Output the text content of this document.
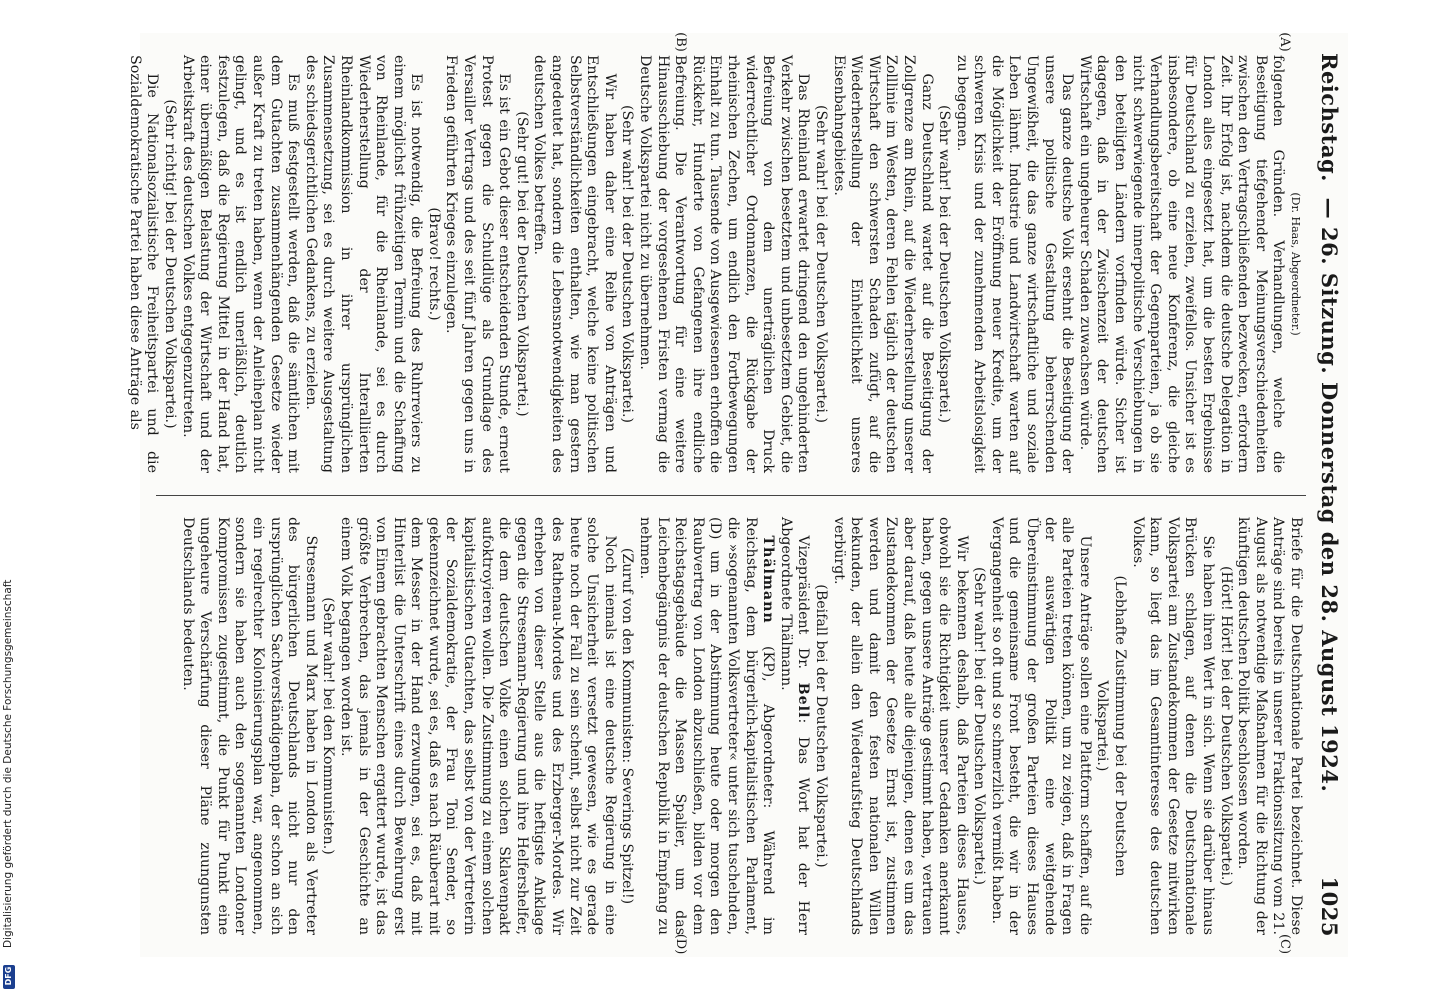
Reichstag.
— 26. Sitzung. Donnerstag den 28. August 1924.
1025
(A)
(B)
(C)
(D)

(Dr. Haas, Abgeordneter.)

folgenden Gründen. Verhandlungen, welche die Beseitigung tiefgehender Meinungsverschiedenheiten zwischen den Vertragschließenden bezwecken, erfordern Zeit. Ihr Erfolg ist, nachdem die deutsche Delegation in London alles eingesetzt hat, um die besten Ergebnisse für Deutschland zu erzielen, zweifellos. Unsicher ist es insbesondere, ob eine neue Konferenz, die gleiche Verhandlungsbereitschaft der Gegenparteien, ja ob sie nicht schwerwiegende innerpolitische Verschiebungen in den beteiligten Ländern vorfinden würde. Sicher ist dagegen, daß in der Zwischenzeit der deutschen Wirtschaft ein ungeheurer Schaden zuwachsen würde.

Das ganze deutsche Volk ersehnt die Beseitigung der unsere politische Gestaltung beherrschenden Ungewißheit, die das ganze wirtschaftliche und soziale Leben lähmt. Industrie und Landwirtschaft warten auf die Möglichkeit der Eröffnung neuer Kredite, um der schweren Krisis und der zunehmenden Arbeitslosigkeit zu begegnen.

(Sehr wahr! bei der Deutschen Volkspartei.)

Ganz Deutschland wartet auf die Beseitigung der Zollgrenze am Rhein, auf die Wiederherstellung unserer Zolllinie im Westen, deren Fehlen täglich der deutschen Wirtschaft den schwersten Schaden zufügt, auf die Wiederherstellung der Einheitlichkeit unseres Eisenbahngebietes.

(Sehr wahr! bei der Deutschen Volkspartei.)

Das Rheinland erwartet dringend den ungehinderten Verkehr zwischen besetztem und unbesetztem Gebiet, die Befreiung von dem unerträglichen Druck widerrechtlicher Ordonnanzen, die Rückgabe der rheinischen Zechen, um endlich den Fortbewegungen Einhalt zu tun. Tausende von Ausgewiesenen erhoffen die Rückkehr, Hunderte von Gefangenen ihre endliche Befreiung. Die Verantwortung für eine weitere Hinausschiebung der vorgesehenen Fristen vermag die Deutsche Volkspartei nicht zu übernehmen.

(Sehr wahr! bei der Deutschen Volkspartei.)

Wir haben daher eine Reihe von Anträgen und Entschließungen eingebracht, welche keine politischen Selbstverständlichkeiten enthalten, wie man gestern angedeutet hat, sondern die Lebensnotwendigkeiten des deutschen Volkes betreffen.

(Sehr gut! bei der Deutschen Volkspartei.)

Es ist ein Gebot dieser entscheidenden Stunde, erneut Protest gegen die Schuldlüge als Grundlage des Versailler Vertrags und des seit fünf Jahren gegen uns in Frieden geführten Krieges einzulegen.

(Bravo! rechts.)

Es ist notwendig, die Befreiung des Ruhrreviers zu einem möglichst frühzeitigen Termin und die Schaffung von Rheinlande, für die Rheinlande, sei es durch Wiederherstellung der Interalliierten Rheinlandkommission in ihrer ursprünglichen Zusammensetzung, sei es durch weitere Ausgestaltung des schiedsgerichtlichen Gedankens, zu erzielen.

Es muß festgestellt werden, daß die sämtlichen mit dem Gutachten zusammenhängenden Gesetze wieder außer Kraft zu treten haben, wenn der Anleiheplan nicht gelingt, und es ist endlich unerläßlich, deutlich festzulegen, daß die Regierung Mittel in der Hand hat, einer übermäßigen Belastung der Wirtschaft und der Arbeitskraft des deutschen Volkes entgegenzutreten.

(Sehr richtig! bei der Deutschen Volkspartei.)

Die Nationalsozialistische Freiheitspartei und die Sozialdemokratische Partei haben diese Anträge als

Briefe für die Deutschnationale Partei bezeichnet. Diese Anträge sind bereits in unserer Fraktionssitzung vom 21. August als notwendige Maßnahmen für die Richtung der künftigen deutschen Politik beschlossen worden.

(Hört! Hört! bei der Deutschen Volkspartei.)

Sie haben ihren Wert in sich. Wenn sie darüber hinaus Brücken schlagen, auf denen die Deutschnationale Volkspartei am Zustandekommen der Gesetze mitwirken kann, so liegt das im Gesamtinteresse des deutschen Volkes.

(Lebhafte Zustimmung bei der Deutschen

Volkspartei.)

Unsere Anträge sollen eine Plattform schaffen, auf die alle Parteien treten können, um zu zeigen, daß in Fragen der auswärtigen Politik eine weitgehende Übereinstimmung der großen Parteien dieses Hauses und die gemeinsame Front besteht, die wir in der Vergangenheit so oft und so schmerzlich vermißt haben.

(Sehr wahr! bei der Deutschen Volkspartei.)

Wir bekennen deshalb, daß Parteien dieses Hauses, obwohl sie die Richtigkeit unserer Gedanken anerkannt haben, gegen unsere Anträge gestimmt haben, vertrauen aber darauf, daß heute alle diejenigen, denen es um das Zustandekommen der Gesetze Ernst ist, zustimmen werden und damit den festen nationalen Willen bekunden, der allein den Wiederaufstieg Deutschlands verbürgt.

(Beifall bei der Deutschen Volkspartei.)

Vizepräsident Dr. Bell: Das Wort hat der Herr Abgeordnete Thälmann.

Thälmann (KP), Abgeordneter: Während im Reichstag, dem bürgerlich-kapitalistischen Parlament, die »sogenannten Volksvertreter« unter sich tuschelnden, (D) um in der Abstimmung heute oder morgen den Raubvertrag von London abzuschließen, bilden vor dem Reichstagsgebäude die Massen Spalier, um das Leichenbegängnis der deutschen Republik in Empfang zu nehmen.

(Zuruf von den Kommunisten: Severings Spitzel!)

Noch niemals ist eine deutsche Regierung in eine solche Unsicherheit versetzt gewesen, wie es gerade heute noch der Fall zu sein scheint, selbst nicht zur Zeit des Rathenau-Mordes und des Erzberger-Mordes. Wir erheben von dieser Stelle aus die heftigste Anklage gegen die Stresemann-Regierung und ihre Helfershelfer, die dem deutschen Volke einen solchen Sklavenpakt aufoktroyieren wollen. Die Zustimmung zu einem solchen kapitalistischen Gutachten, das selbst von der Vertreterin der Sozialdemokratie, der Frau Toni Sender, so gekennzeichnet wurde, sei es, daß es nach Räuberart mit dem Messer in der Hand erzwungen, sei es, daß mit Hinterlist die Unterschrift eines durch Bewehrung erst von Einem gebrachten Menschen ergattert wurde, ist das größte Verbrechen, das jemals in der Geschichte an einem Volk begangen worden ist.

(Sehr wahr! bei den Kommunisten.)

Stresemann und Marx haben in London als Vertreter des bürgerlichen Deutschlands nicht nur den ursprünglichen Sachverständigenplan, der schon an sich ein regelrechter Kolonisierungsplan war, angenommen, sondern sie haben auch den sogenannten Londoner Kompromissen zugestimmt, die Punkt für Punkt eine ungeheure Verschärfung dieser Pläne zuungunsten Deutschlands bedeuten.

Digitalisierung gefördert durch die Deutsche Forschungsgemeinschaft
DFG
